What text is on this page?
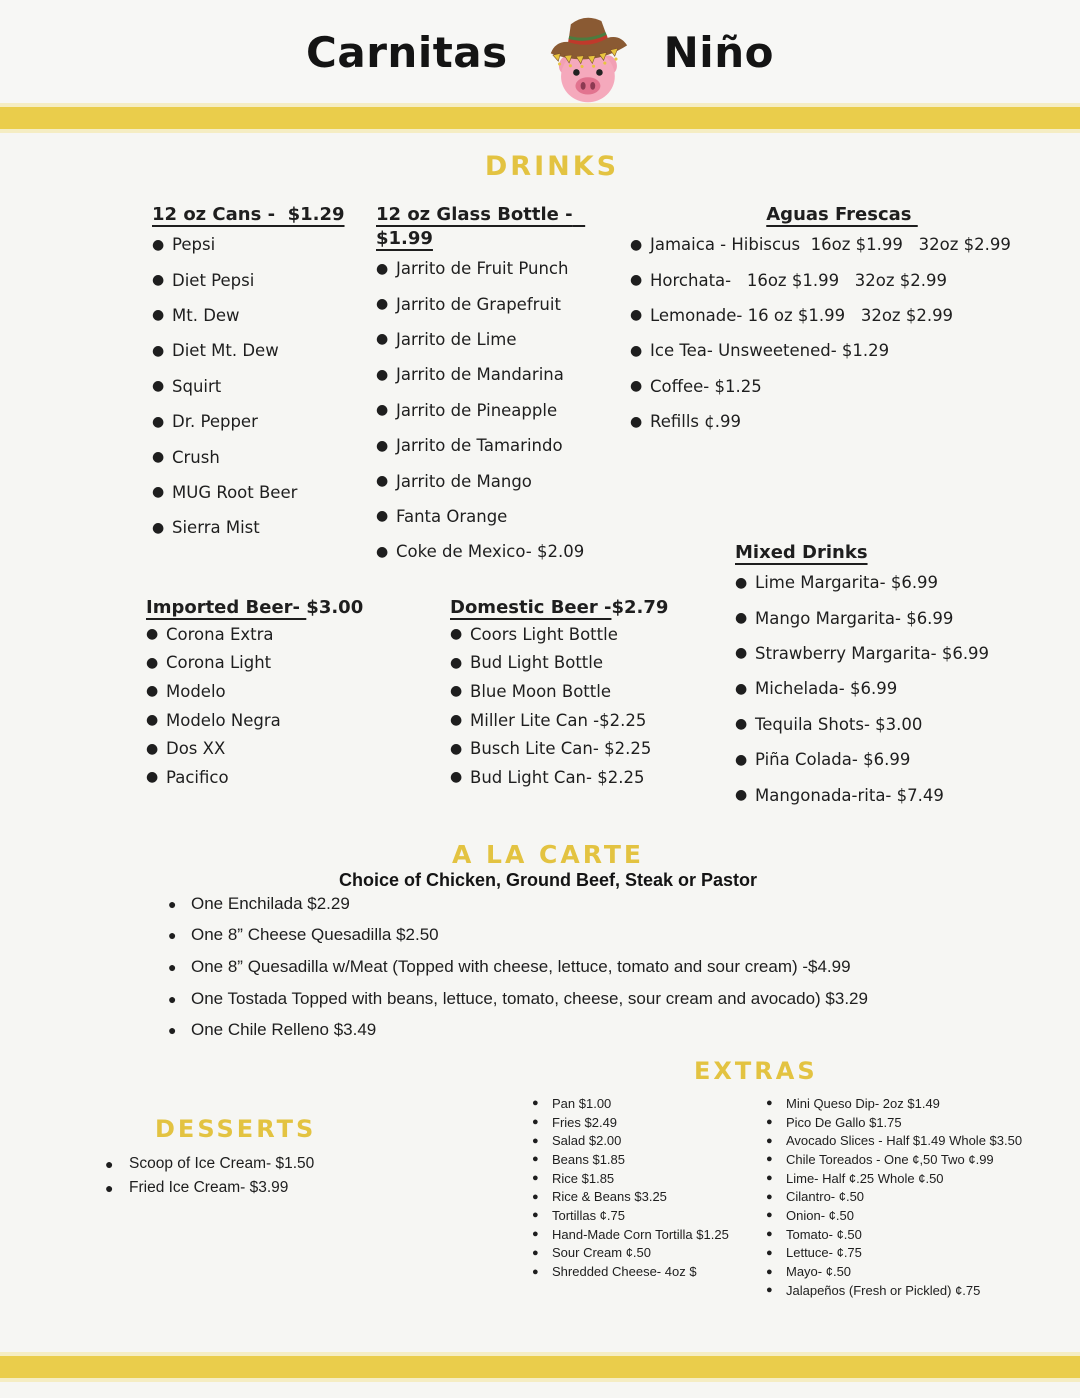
Carnitas	Niño
DRINKS
12 oz Cans -  $1.29
● Pepsi
● Diet Pepsi
● Mt. Dew
● Diet Mt. Dew
● Squirt
● Dr. Pepper
● Crush
● MUG Root Beer
● Sierra Mist
12 oz Glass Bottle -  $1.99
● Jarrito de Fruit Punch
● Jarrito de Grapefruit
● Jarrito de Lime
● Jarrito de Mandarina
● Jarrito de Pineapple
● Jarrito de Tamarindo
● Jarrito de Mango
● Fanta Orange
● Coke de Mexico- $2.09
Aguas Frescas
● Jamaica - Hibiscus  16oz $1.99   32oz $2.99
● Horchata-   16oz $1.99   32oz $2.99
● Lemonade- 16 oz $1.99   32oz $2.99
● Ice Tea- Unsweetened- $1.29
● Coffee- $1.25
● Refills ¢.99
Imported Beer- $3.00
● Corona Extra
● Corona Light
● Modelo
● Modelo Negra
● Dos XX
● Pacifico
Domestic Beer -$2.79
● Coors Light Bottle
● Bud Light Bottle
● Blue Moon Bottle
● Miller Lite Can -$2.25
● Busch Lite Can- $2.25
● Bud Light Can- $2.25
Mixed Drinks
● Lime Margarita- $6.99
● Mango Margarita- $6.99
● Strawberry Margarita- $6.99
● Michelada- $6.99
● Tequila Shots- $3.00
● Piña Colada- $6.99
● Mangonada-rita- $7.49
A LA CARTE
Choice of Chicken, Ground Beef, Steak or Pastor
● One Enchilada $2.29
● One 8” Cheese Quesadilla $2.50
● One 8” Quesadilla w/Meat (Topped with cheese, lettuce, tomato and sour cream) -$4.99
● One Tostada Topped with beans, lettuce, tomato, cheese, sour cream and avocado) $3.29
● One Chile Relleno $3.49
EXTRAS
DESSERTS
●	Scoop of Ice Cream- $1.50
●	Fried Ice Cream- $3.99
●	Pan $1.00
●	Fries $2.49
●	Salad $2.00
●	Beans $1.85
●	Rice $1.85
●	Rice & Beans $3.25
●	Tortillas ¢.75
●	Hand-Made Corn Tortilla $1.25
●	Sour Cream ¢.50
●	Shredded Cheese- 4oz $
●	Mini Queso Dip- 2oz $1.49
●	Pico De Gallo $1.75
●	Avocado Slices - Half $1.49 Whole $3.50
●	Chile Toreados - One ¢,50 Two ¢.99
●	Lime- Half ¢.25 Whole ¢.50
●	Cilantro- ¢.50
●	Onion- ¢.50
●	Tomato- ¢.50
●	Lettuce- ¢.75
●	Mayo- ¢.50
●	Jalapeños (Fresh or Pickled) ¢.75
